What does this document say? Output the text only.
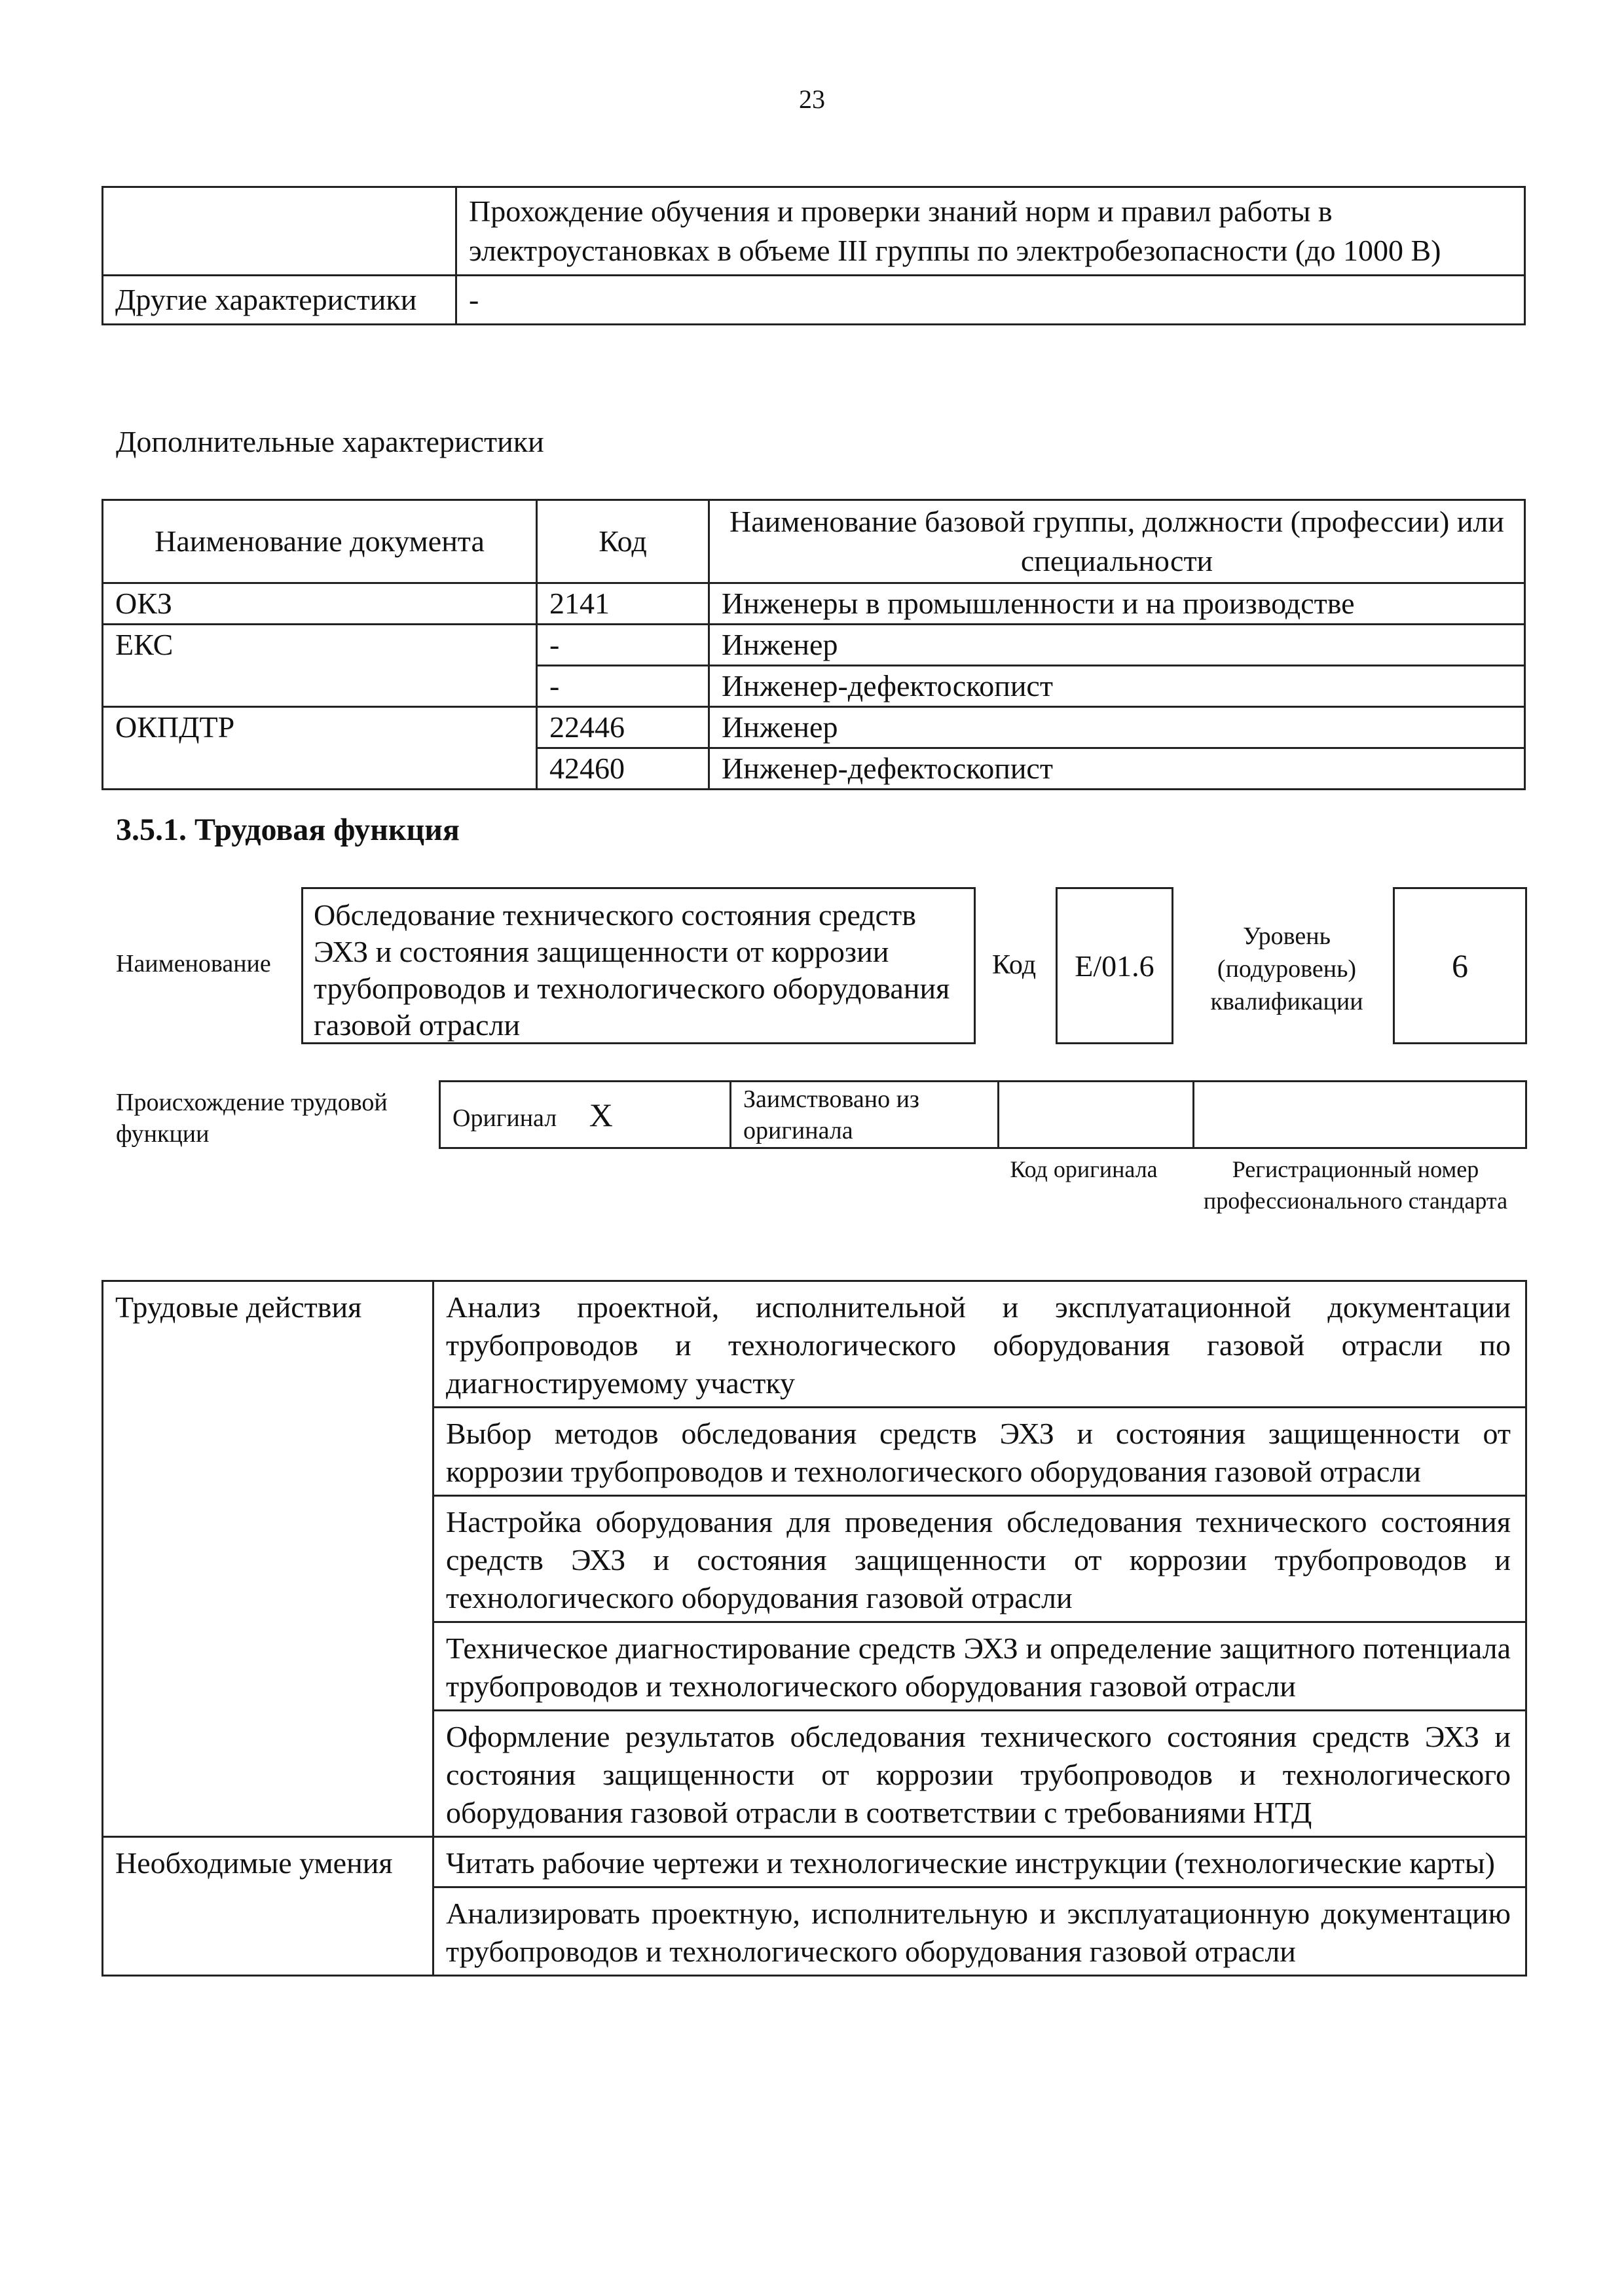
23
	Прохождение обучения и проверки знаний норм и правил работы в электроустановках в объеме III группы по электробезопасности (до 1000 В)
Другие характеристики	-
Дополнительные характеристики
Наименование документа	Код	Наименование базовой группы, должности (профессии) или специальности
ОКЗ	2141	Инженеры в промышленности и на производстве
ЕКС	-	Инженер
	-	Инженер-дефектоскопист
ОКПДТР	22446	Инженер
	42460	Инженер-дефектоскопист
3.5.1. Трудовая функция
Наименование
Обследование технического состояния средств ЭХЗ и состояния защищенности от коррозии трубопроводов и технологического оборудования газовой отрасли
Код	E/01.6
Уровень (подуровень) квалификации
6
Происхождение трудовой функции
Оригинал X	Заимствовано из оригинала		
Код оригинала	Регистрационный номер профессионального стандарта
Трудовые действия	Анализ проектной, исполнительной и эксплуатационной документации трубопроводов и технологического оборудования газовой отрасли по диагностируемому участку
	Выбор методов обследования средств ЭХЗ и состояния защищенности от коррозии трубопроводов и технологического оборудования газовой отрасли
	Настройка оборудования для проведения обследования технического состояния средств ЭХЗ и состояния защищенности от коррозии трубопроводов и технологического оборудования газовой отрасли
	Техническое диагностирование средств ЭХЗ и определение защитного потенциала трубопроводов и технологического оборудования газовой отрасли
	Оформление результатов обследования технического состояния средств ЭХЗ и состояния защищенности от коррозии трубопроводов и технологического оборудования газовой отрасли в соответствии с требованиями НТД
Необходимые умения	Читать рабочие чертежи и технологические инструкции (технологические карты)
	Анализировать проектную, исполнительную и эксплуатационную документацию трубопроводов и технологического оборудования газовой отрасли
